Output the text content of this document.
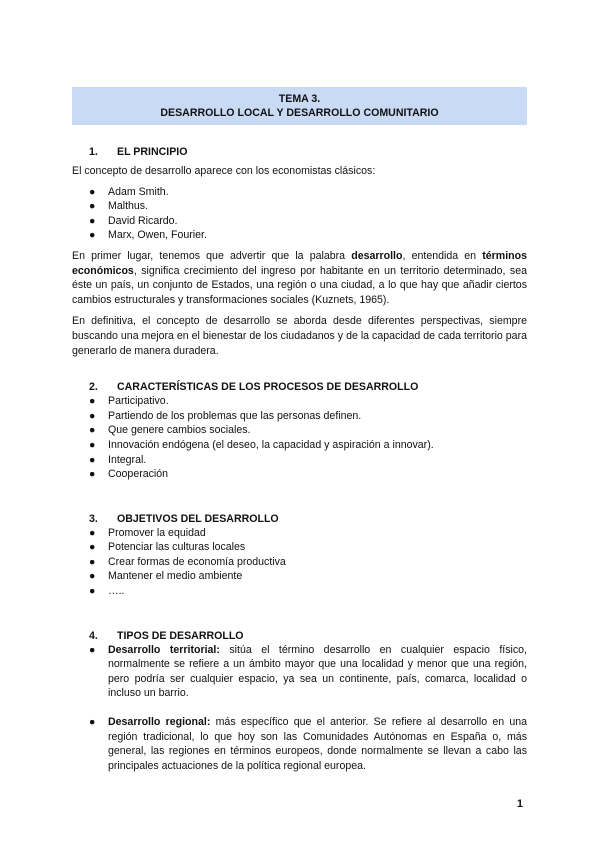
TEMA 3.
DESARROLLO LOCAL Y DESARROLLO COMUNITARIO
1.	EL PRINCIPIO

El concepto de desarrollo aparece con los economistas clásicos:

● Adam Smith.
● Malthus.
● David Ricardo.
● Marx, Owen, Fourier.

En primer lugar, tenemos que advertir que la palabra desarrollo, entendida en términos económicos, significa crecimiento del ingreso por habitante en un territorio determinado, sea éste un país, un conjunto de Estados, una región o una ciudad, a lo que hay que añadir ciertos cambios estructurales y transformaciones sociales (Kuznets, 1965).

En definitiva, el concepto de desarrollo se aborda desde diferentes perspectivas, siempre buscando una mejora en el bienestar de los ciudadanos y de la capacidad de cada territorio para generarlo de manera duradera.

2.	CARACTERÍSTICAS DE LOS PROCESOS DE DESARROLLO
● Participativo.
● Partiendo de los problemas que las personas definen.
● Que genere cambios sociales.
● Innovación endógena (el deseo, la capacidad y aspiración a innovar).
● Integral.
● Cooperación
3.	OBJETIVOS DEL DESARROLLO
● Promover la equidad
● Potenciar las culturas locales
● Crear formas de economía productiva
● Mantener el medio ambiente
● …..
4.	TIPOS DE DESARROLLO
● Desarrollo territorial: sitúa el término desarrollo en cualquier espacio físico, normalmente se refiere a un ámbito mayor que una localidad y menor que una región, pero podría ser cualquier espacio, ya sea un continente, país, comarca, localidad o incluso un barrio.
● Desarrollo regional: más específico que el anterior. Se refiere al desarrollo en una región tradicional, lo que hoy son las Comunidades Autónomas en España o, más general, las regiones en términos europeos, donde normalmente se llevan a cabo las principales actuaciones de la política regional europea.
1
